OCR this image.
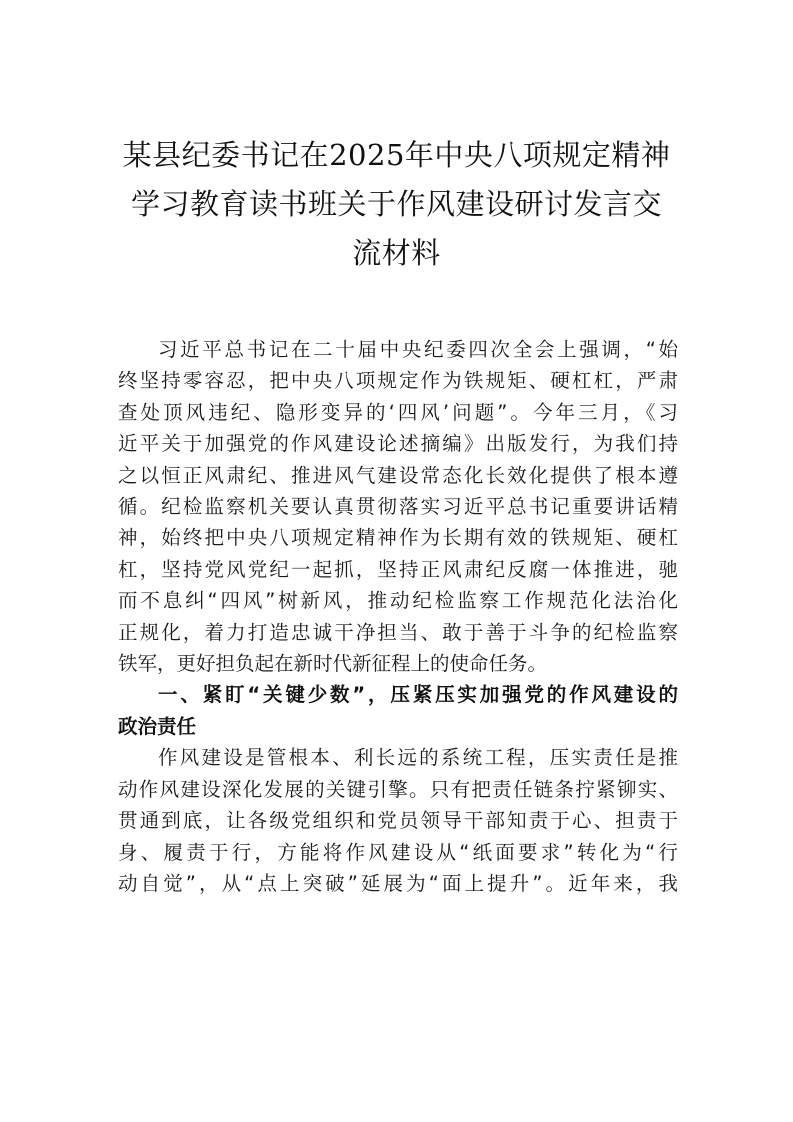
某县纪委书记在2025年中央八项规定精神
学习教育读书班关于作风建设研讨发言交
流材料
习近平总书记在二十届中央纪委四次全会上强调，“始
终坚持零容忍，把中央八项规定作为铁规矩、硬杠杠，严肃
查处顶风违纪、隐形变异的‘四风’问题”。今年三月，《习
近平关于加强党的作风建设论述摘编》出版发行，为我们持
之以恒正风肃纪、推进风气建设常态化长效化提供了根本遵
循。纪检监察机关要认真贯彻落实习近平总书记重要讲话精
神，始终把中央八项规定精神作为长期有效的铁规矩、硬杠
杠，坚持党风党纪一起抓，坚持正风肃纪反腐一体推进，驰
而不息纠“四风”树新风，推动纪检监察工作规范化法治化
正规化，着力打造忠诚干净担当、敢于善于斗争的纪检监察
铁军，更好担负起在新时代新征程上的使命任务。
一、紧盯“关键少数”，压紧压实加强党的作风建设的
政治责任
作风建设是管根本、利长远的系统工程，压实责任是推
动作风建设深化发展的关键引擎。只有把责任链条拧紧铆实、
贯通到底，让各级党组织和党员领导干部知责于心、担责于
身、履责于行，方能将作风建设从“纸面要求”转化为“行
动自觉”，从“点上突破”延展为“面上提升”。近年来，我
